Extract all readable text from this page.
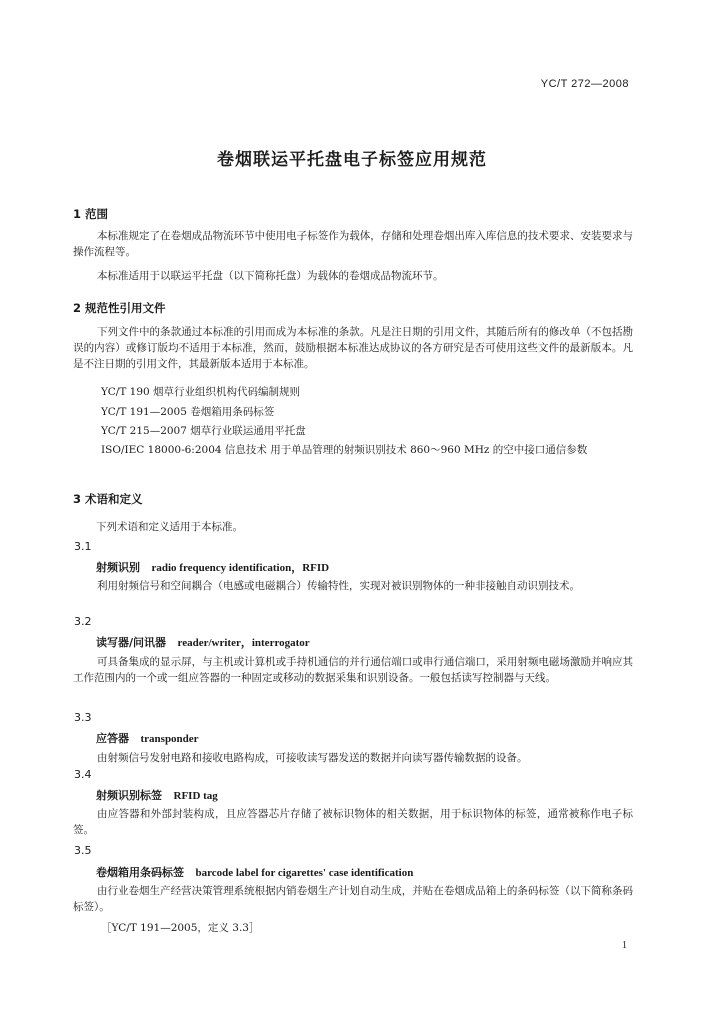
YC/T 272—2008
卷烟联运平托盘电子标签应用规范
1 范围
本标准规定了在卷烟成品物流环节中使用电子标签作为载体，存储和处理卷烟出库入库信息的技术要求、安装要求与操作流程等。
本标准适用于以联运平托盘（以下简称托盘）为载体的卷烟成品物流环节。
2 规范性引用文件
下列文件中的条款通过本标准的引用而成为本标准的条款。凡是注日期的引用文件，其随后所有的修改单（不包括勘误的内容）或修订版均不适用于本标准，然而，鼓励根据本标准达成协议的各方研究是否可使用这些文件的最新版本。凡是不注日期的引用文件，其最新版本适用于本标准。
YC/T 190 烟草行业组织机构代码编制规则
YC/T 191—2005 卷烟箱用条码标签
YC/T 215—2007 烟草行业联运通用平托盘
ISO/IEC 18000-6:2004 信息技术 用于单品管理的射频识别技术 860～960 MHz 的空中接口通信参数
3 术语和定义
下列术语和定义适用于本标准。
3.1
射频识别 radio frequency identification，RFID
利用射频信号和空间耦合（电感或电磁耦合）传输特性，实现对被识别物体的一种非接触自动识别技术。
3.2
读写器/问讯器 reader/writer，interrogator
可具备集成的显示屏，与主机或计算机或手持机通信的并行通信端口或串行通信端口，采用射频电磁场激励并响应其工作范围内的一个或一组应答器的一种固定或移动的数据采集和识别设备。一般包括读写控制器与天线。
3.3
应答器 transponder
由射频信号发射电路和接收电路构成，可接收读写器发送的数据并向读写器传输数据的设备。
3.4
射频识别标签 RFID tag
由应答器和外部封装构成，且应答器芯片存储了被标识物体的相关数据，用于标识物体的标签，通常被称作电子标签。
3.5
卷烟箱用条码标签 barcode label for cigarettes' case identification
由行业卷烟生产经营决策管理系统根据内销卷烟生产计划自动生成，并贴在卷烟成品箱上的条码标签（以下简称条码标签）。
［YC/T 191—2005，定义 3.3］
1
